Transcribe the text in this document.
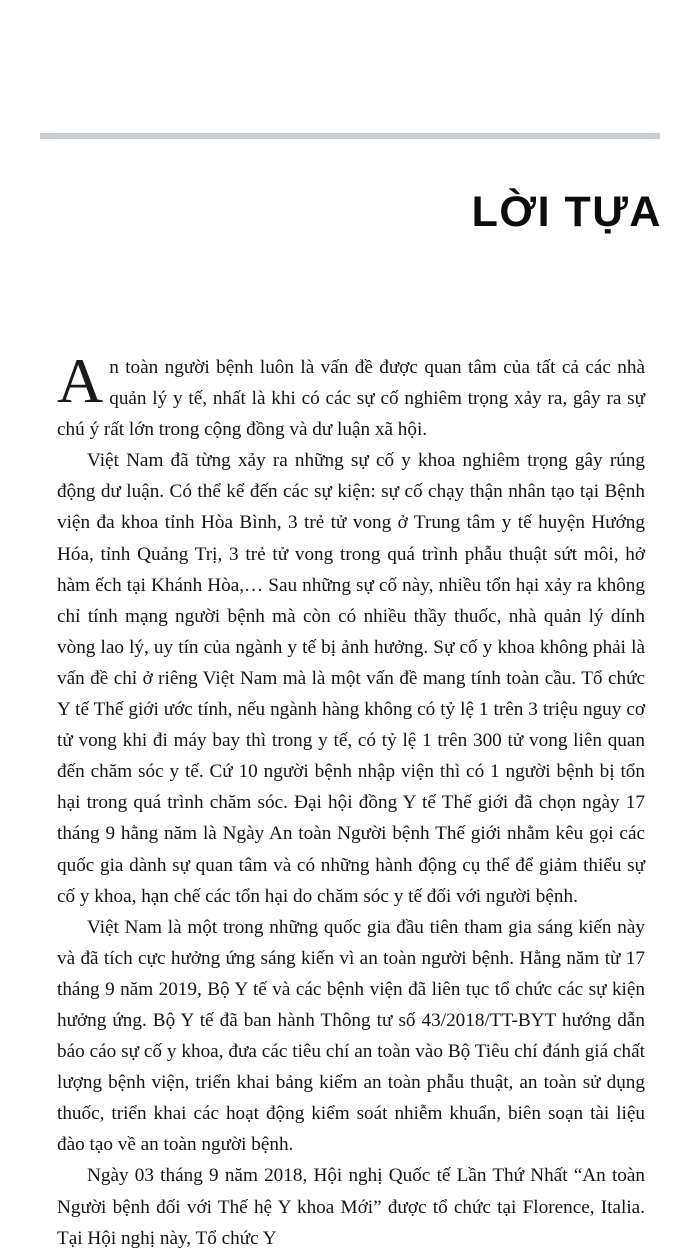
LỜI TỰA

An toàn người bệnh luôn là vấn đề được quan tâm của tất cả các nhà quản lý y tế, nhất là khi có các sự cố nghiêm trọng xảy ra, gây ra sự chú ý rất lớn trong cộng đồng và dư luận xã hội.

Việt Nam đã từng xảy ra những sự cố y khoa nghiêm trọng gây rúng động dư luận. Có thể kể đến các sự kiện: sự cố chạy thận nhân tạo tại Bệnh viện đa khoa tỉnh Hòa Bình, 3 trẻ tử vong ở Trung tâm y tế huyện Hướng Hóa, tỉnh Quảng Trị, 3 trẻ tử vong trong quá trình phẫu thuật sứt môi, hở hàm ếch tại Khánh Hòa,… Sau những sự cố này, nhiều tổn hại xảy ra không chỉ tính mạng người bệnh mà còn có nhiều thầy thuốc, nhà quản lý dính vòng lao lý, uy tín của ngành y tế bị ảnh hưởng. Sự cố y khoa không phải là vấn đề chỉ ở riêng Việt Nam mà là một vấn đề mang tính toàn cầu. Tổ chức Y tế Thế giới ước tính, nếu ngành hàng không có tỷ lệ 1 trên 3 triệu nguy cơ tử vong khi đi máy bay thì trong y tế, có tỷ lệ 1 trên 300 tử vong liên quan đến chăm sóc y tế. Cứ 10 người bệnh nhập viện thì có 1 người bệnh bị tổn hại trong quá trình chăm sóc. Đại hội đồng Y tế Thế giới đã chọn ngày 17 tháng 9 hằng năm là Ngày An toàn Người bệnh Thế giới nhằm kêu gọi các quốc gia dành sự quan tâm và có những hành động cụ thể để giảm thiểu sự cố y khoa, hạn chế các tổn hại do chăm sóc y tế đối với người bệnh.

Việt Nam là một trong những quốc gia đầu tiên tham gia sáng kiến này và đã tích cực hưởng ứng sáng kiến vì an toàn người bệnh. Hằng năm từ 17 tháng 9 năm 2019, Bộ Y tế và các bệnh viện đã liên tục tổ chức các sự kiện hưởng ứng. Bộ Y tế đã ban hành Thông tư số 43/2018/TT-BYT hướng dẫn báo cáo sự cố y khoa, đưa các tiêu chí an toàn vào Bộ Tiêu chí đánh giá chất lượng bệnh viện, triển khai bảng kiểm an toàn phẫu thuật, an toàn sử dụng thuốc, triển khai các hoạt động kiểm soát nhiễm khuẩn, biên soạn tài liệu đào tạo về an toàn người bệnh.

Ngày 03 tháng 9 năm 2018, Hội nghị Quốc tế Lần Thứ Nhất “An toàn Người bệnh đối với Thế hệ Y khoa Mới” được tổ chức tại Florence, Italia. Tại Hội nghị này, Tổ chức Y
